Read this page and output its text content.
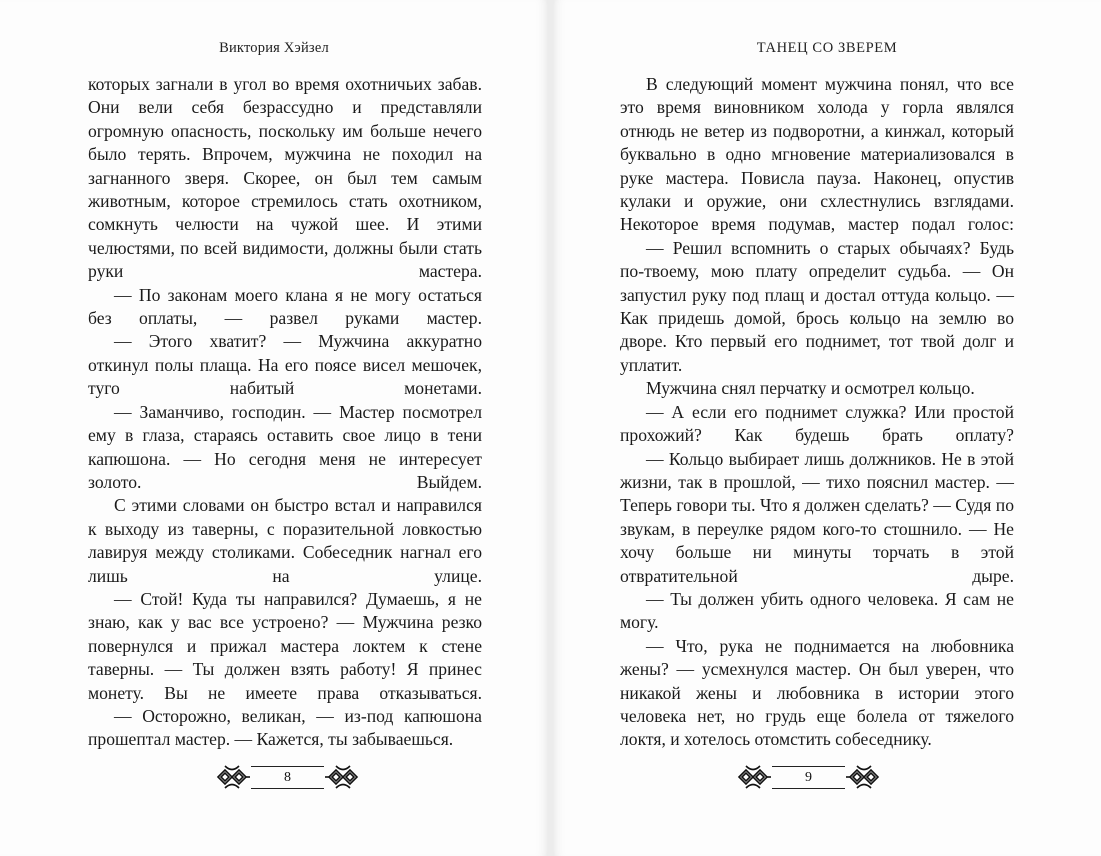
Виктория Хэйзел

которых загнали в угол во время охотничьих забав. Они вели себя безрассудно и представляли огромную опасность, поскольку им больше нечего было терять. Впрочем, мужчина не походил на загнанного зверя. Скорее, он был тем самым животным, которое стремилось стать охотником, сомкнуть челюсти на чужой шее. И этими челюстями, по всей видимости, должны были стать руки мастера.

— По законам моего клана я не могу остаться без оплаты, — развел руками мастер.

— Этого хватит? — Мужчина аккуратно откинул полы плаща. На его поясе висел мешочек, туго набитый монетами.

— Заманчиво, господин. — Мастер посмотрел ему в глаза, стараясь оставить свое лицо в тени капюшона. — Но сегодня меня не интересует золото. Выйдем.

С этими словами он быстро встал и направился к выходу из таверны, с поразительной ловкостью лавируя между столиками. Собеседник нагнал его лишь на улице.

— Стой! Куда ты направился? Думаешь, я не знаю, как у вас все устроено? — Мужчина резко повернулся и прижал мастера локтем к стене таверны. — Ты должен взять работу! Я принес монету. Вы не имеете права отказываться.

— Осторожно, великан, — из-под капюшона прошептал мастер. — Кажется, ты забываешься.

8
ТАНЕЦ СО ЗВЕРЕМ

В следующий момент мужчина понял, что все это время виновником холода у горла являлся отнюдь не ветер из подворотни, а кинжал, который буквально в одно мгновение материализовался в руке мастера. Повисла пауза. Наконец, опустив кулаки и оружие, они схлестнулись взглядами. Некоторое время подумав, мастер подал голос:

— Решил вспомнить о старых обычаях? Будь по-твоему, мою плату определит судьба. — Он запустил руку под плащ и достал оттуда кольцо. — Как придешь домой, брось кольцо на землю во дворе. Кто первый его поднимет, тот твой долг и уплатит.

Мужчина снял перчатку и осмотрел кольцо.

— А если его поднимет служка? Или простой прохожий? Как будешь брать оплату?

— Кольцо выбирает лишь должников. Не в этой жизни, так в прошлой, — тихо пояснил мастер. — Теперь говори ты. Что я должен сделать? — Судя по звукам, в переулке рядом кого-то стошнило. — Не хочу больше ни минуты торчать в этой отвратительной дыре.

— Ты должен убить одного человека. Я сам не могу.

— Что, рука не поднимается на любовника жены? — усмехнулся мастер. Он был уверен, что никакой жены и любовника в истории этого человека нет, но грудь еще болела от тяжелого локтя, и хотелось отомстить собеседнику.

9
